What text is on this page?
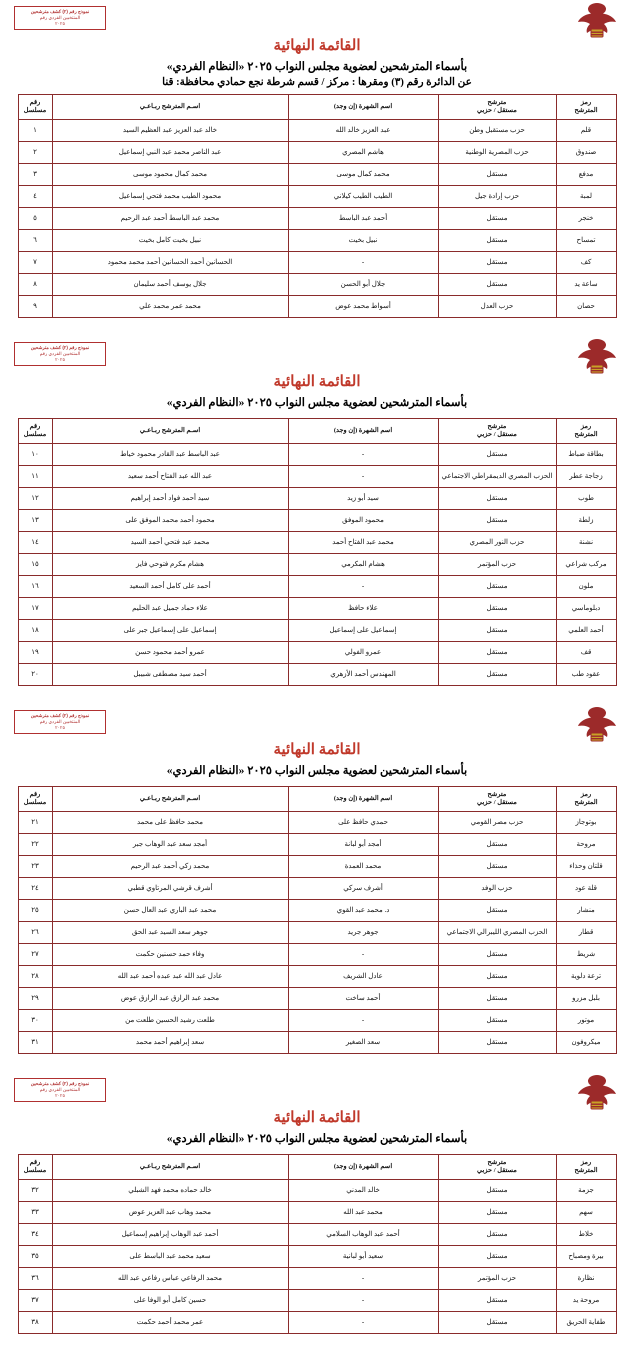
نموذج رقم (٢) كشف مترشحين
المنتخبين الفردي رقم
٢٠٢٥
القائمة النهائية
بأسماء المترشحين لعضوية مجلس النواب ٢٠٢٥ «النظام الفردي»
عن الدائرة رقم (٣) ومقرها : مركز / قسم شرطة نجع حمادي محافظة: قنا
رمز
المترشح	مترشح
مستقل / حزبي	اسم الشهرة (إن وجد)	اسـم المترشح ربـاعـي	رقم
مسلسل
قلم	حزب مستقبل وطن	عبد العزيز خالد الله	خالد عبد العزيز عبد العظيم السيد	١
صندوق	حزب المصرية الوطنية	هاشم المصري	عبد الناصر محمد عبد النبي إسماعيل	٢
مدفع	مستقل	محمد كمال موسى	محمد كمال محمود موسى	٣
لمبة	حزب إرادة جيل	الطيب الطيب كيلاني	محمود الطيب محمد فتحي إسماعيل	٤
خنجر	مستقل	أحمد عبد الباسط	محمد عبد الباسط أحمد عبد الرحيم	٥
تمساح	مستقل	نبيل بخيت	نبيل بخيت كامل بخيت	٦
كف	مستقل	-	الحسانين أحمد الحسانين أحمد محمد محمود	٧
ساعة يد	مستقل	جلال أبو الحسن	جلال يوسف أحمد سليمان	٨
حصان	حزب العدل	أسواط محمد عوض	محمد عمر محمد علي	٩
نموذج رقم (٢) كشف مترشحين
المنتخبين الفردي رقم
٢٠٢٥
القائمة النهائية
بأسماء المترشحين لعضوية مجلس النواب ٢٠٢٥ «النظام الفردي»
رمز
المترشح	مترشح
مستقل / حزبي	اسم الشهرة (إن وجد)	اسـم المترشح ربـاعـي	رقم
مسلسل
بطاقة ضباط	مستقل	-	عبد الباسط عبد القادر محمود خياط	١٠
زجاجة عطر	الحزب المصري الديمقراطي الاجتماعي	-	عبد الله عبد الفتاح أحمد سعيد	١١
طوب	مستقل	سيد أبو زيد	سيد أحمد فواد أحمد إبراهيم	١٢
زلطة	مستقل	محمود الموفق	محمود أحمد محمد الموفق على	١٣
نشنة	حزب النور المصري	محمد عبد الفتاح أحمد	محمد عبد فتحي أحمد السيد	١٤
مركب شراعي	حزب المؤتمر	هشام المكرمي	هشام مكرم فتوحي فايز	١٥
ملون	مستقل	-	أحمد على كامل أحمد السعيد	١٦
دبلوماسي	مستقل	علاء حافظ	علاء حماد جميل عبد الحليم	١٧
أحمد العلمي	مستقل	إسماعيل على إسماعيل	إسماعيل على إسماعيل جبر على	١٨
قف	مستقل	عمرو الفولي	عمرو أحمد محمود حسن	١٩
عقود طب	مستقل	المهندس أحمد الأزهري	أحمد سيد مصطفى شبيبل	٢٠
نموذج رقم (٢) كشف مترشحين
المنتخبين الفردي رقم
٢٠٢٥
القائمة النهائية
بأسماء المترشحين لعضوية مجلس النواب ٢٠٢٥ «النظام الفردي»
رمز
المترشح	مترشح
مستقل / حزبي	اسم الشهرة (إن وجد)	اسـم المترشح ربـاعـي	رقم
مسلسل
بوتوجاز	حزب مصر القومي	حمدي حافظ على	محمد حافظ على محمد	٢١
مروحة	مستقل	أمجد أبو لبانة	أمجد سعد عبد الوهاب جبر	٢٢
قلتان وحذاء	مستقل	محمد العمدة	محمد زكي أحمد عبد الرحيم	٢٣
قلة عود	حزب الوفد	أشرف سركي	أشرف قرشي المرتاوي قطبي	٢٤
منشار	مستقل	د. محمد عبد القوي	محمد عبد الباري عبد العال حسن	٢٥
قطار	الحزب المصري الليبرالي الاجتماعي	جوهر جريد	جوهر سعد السيد عبد الحق	٢٦
شريط	مستقل	-	وفاء حمد حسنين حكمت	٢٧
ترعة دلوية	مستقل	عادل الشريف	عادل عبد الله عبد عبده أحمد عبد الله	٢٨
بلبل مزرو	مستقل	أحمد ساخت	محمد عبد الرازق عبد الرازق عوض	٢٩
موتور	مستقل	-	طلعت رشيد الحسين طلعت من	٣٠
ميكروفون	مستقل	سعد الصغير	سعد إبراهيم أحمد محمد	٣١
نموذج رقم (٢) كشف مترشحين
المنتخبين الفردي رقم
٢٠٢٥
القائمة النهائية
بأسماء المترشحين لعضوية مجلس النواب ٢٠٢٥ «النظام الفردي»
رمز
المترشح	مترشح
مستقل / حزبي	اسم الشهرة (إن وجد)	اسـم المترشح ربـاعـي	رقم
مسلسل
جزمة	مستقل	خالد المدني	خالد حماده محمد فهد الشبلي	٣٢
سهم	مستقل	محمد عبد الله	محمد وهاب عبد العزيز عوض	٣٣
خلاط	مستقل	أحمد عبد الوهاب السلامي	أحمد عبد الوهاب إبراهيم إسماعيل	٣٤
بيرة ومصباح	مستقل	سعيد أبو لبانية	سعيد محمد عبد الباسط على	٣٥
نظارة	حزب المؤتمر	-	محمد الرفاعي عباس رفاعي عبد الله	٣٦
مروحة يد	مستقل	-	حسين كامل أبو الوفا على	٣٧
طفاية الحريق	مستقل	-	عمر محمد أحمد حكمت	٣٨
